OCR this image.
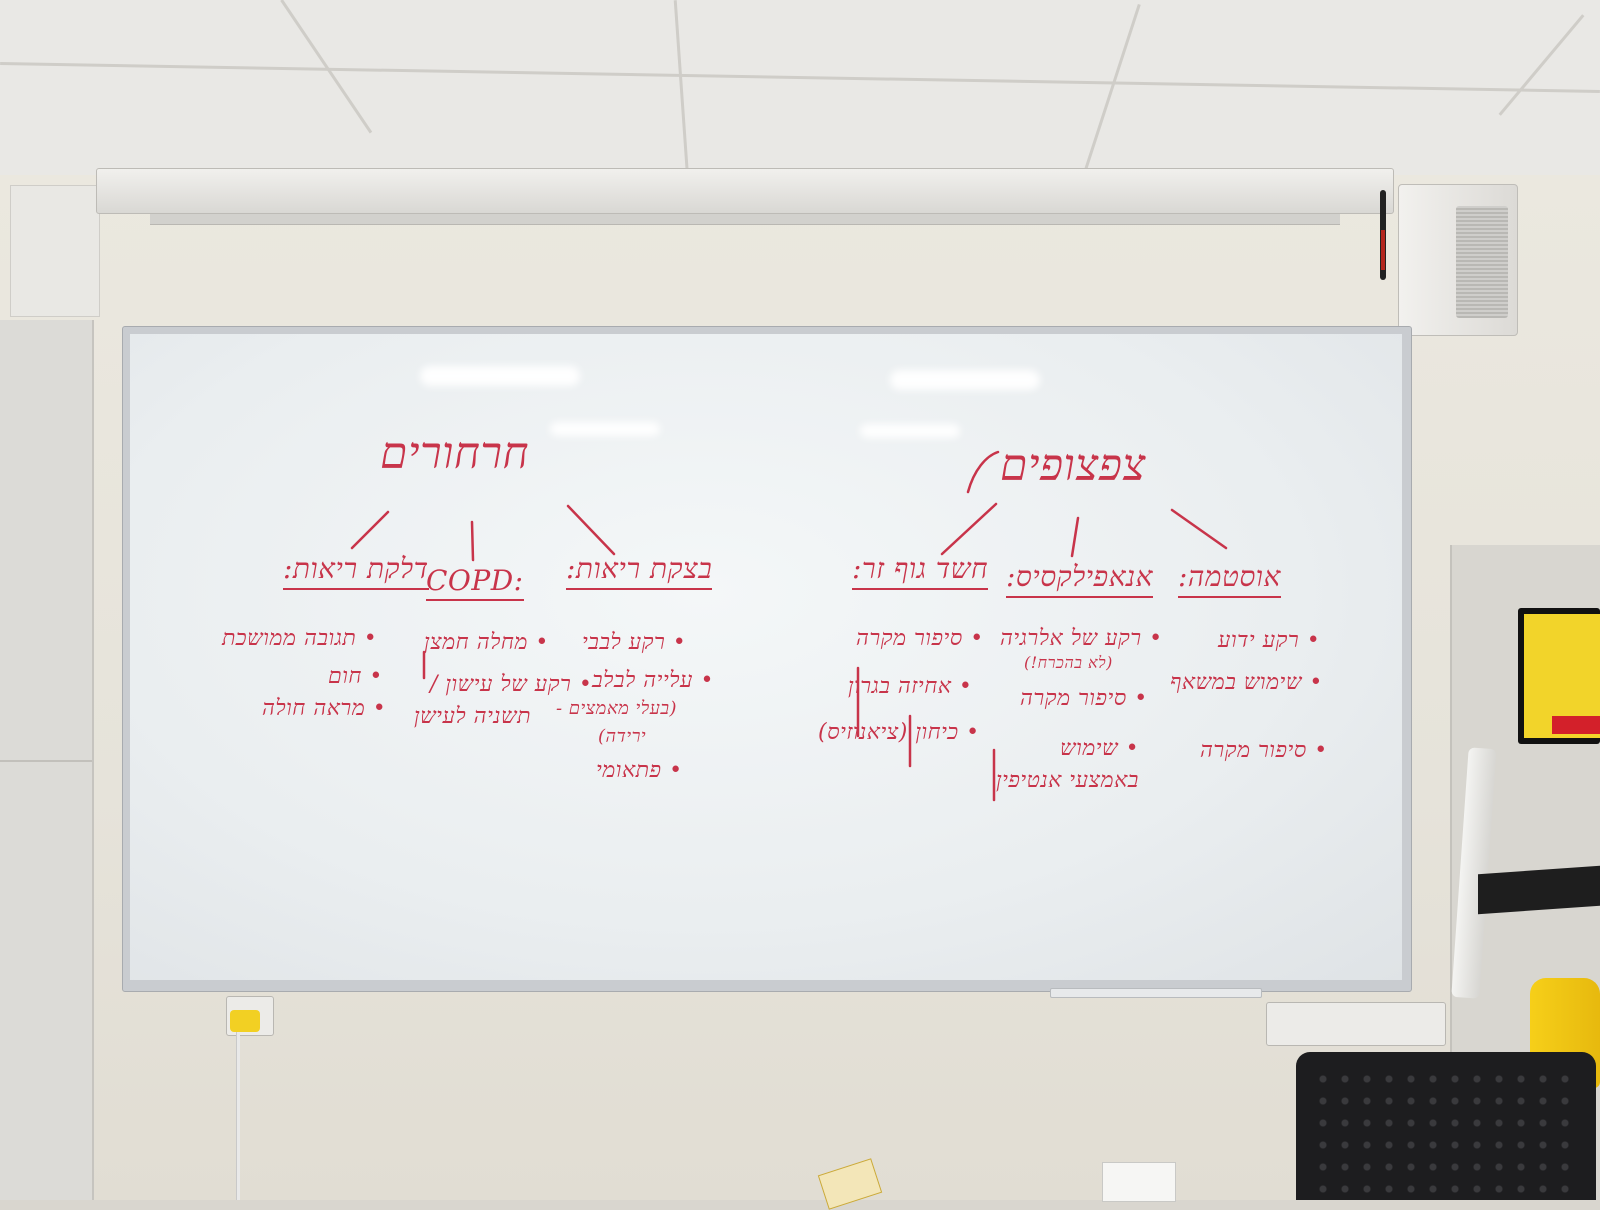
חרחורים
דלקת ריאות:
• תגובה ממושכת
• חום
• מראה חולה
COPD:
• מחלה חמצן
• רקע של עישון /
תשניה לעישן
בצקת ריאות:
• רקע לבבי
• עלייה לבלב
(בעלי מאמצים -
ירידה)
• פתאומי
צפצופים
חשד גוף זר:
• סיפור מקרה
• אחיזה בגרון
• כיחון (ציאנוזיס)
אנאפילקסיס:
• רקע של אלרגיה
(לא בהכרח!)
• סיפור מקרה
• שימוש
באמצעי אנטיפין
אוסטמה:
• רקע ידוע
• שימוש במשאף
• סיפור מקרה
